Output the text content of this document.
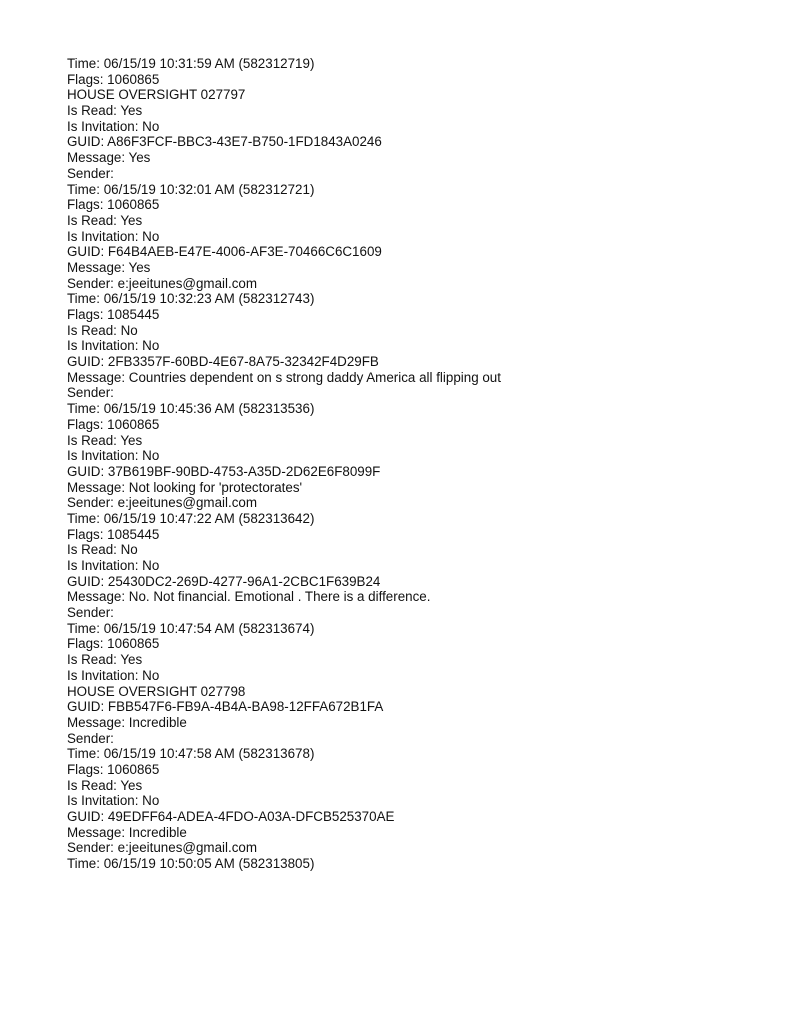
Time: 06/15/19 10:31:59 AM (582312719)
Flags: 1060865
HOUSE OVERSIGHT 027797
Is Read: Yes
Is Invitation: No
GUID: A86F3FCF-BBC3-43E7-B750-1FD1843A0246
Message: Yes
Sender:
Time: 06/15/19 10:32:01 AM (582312721)
Flags: 1060865
Is Read: Yes
Is Invitation: No
GUID: F64B4AEB-E47E-4006-AF3E-70466C6C1609
Message: Yes
Sender: e:jeeitunes@gmail.com
Time: 06/15/19 10:32:23 AM (582312743)
Flags: 1085445
Is Read: No
Is Invitation: No
GUID: 2FB3357F-60BD-4E67-8A75-32342F4D29FB
Message: Countries dependent on s strong daddy America all flipping out
Sender:
Time: 06/15/19 10:45:36 AM (582313536)
Flags: 1060865
Is Read: Yes
Is Invitation: No
GUID: 37B619BF-90BD-4753-A35D-2D62E6F8099F
Message: Not looking for 'protectorates'
Sender: e:jeeitunes@gmail.com
Time: 06/15/19 10:47:22 AM (582313642)
Flags: 1085445
Is Read: No
Is Invitation: No
GUID: 25430DC2-269D-4277-96A1-2CBC1F639B24
Message: No. Not financial. Emotional . There is a difference.
Sender:
Time: 06/15/19 10:47:54 AM (582313674)
Flags: 1060865
Is Read: Yes
Is Invitation: No
HOUSE OVERSIGHT 027798
GUID: FBB547F6-FB9A-4B4A-BA98-12FFA672B1FA
Message: Incredible
Sender:
Time: 06/15/19 10:47:58 AM (582313678)
Flags: 1060865
Is Read: Yes
Is Invitation: No
GUID: 49EDFF64-ADEA-4FDO-A03A-DFCB525370AE
Message: Incredible
Sender: e:jeeitunes@gmail.com
Time: 06/15/19 10:50:05 AM (582313805)
